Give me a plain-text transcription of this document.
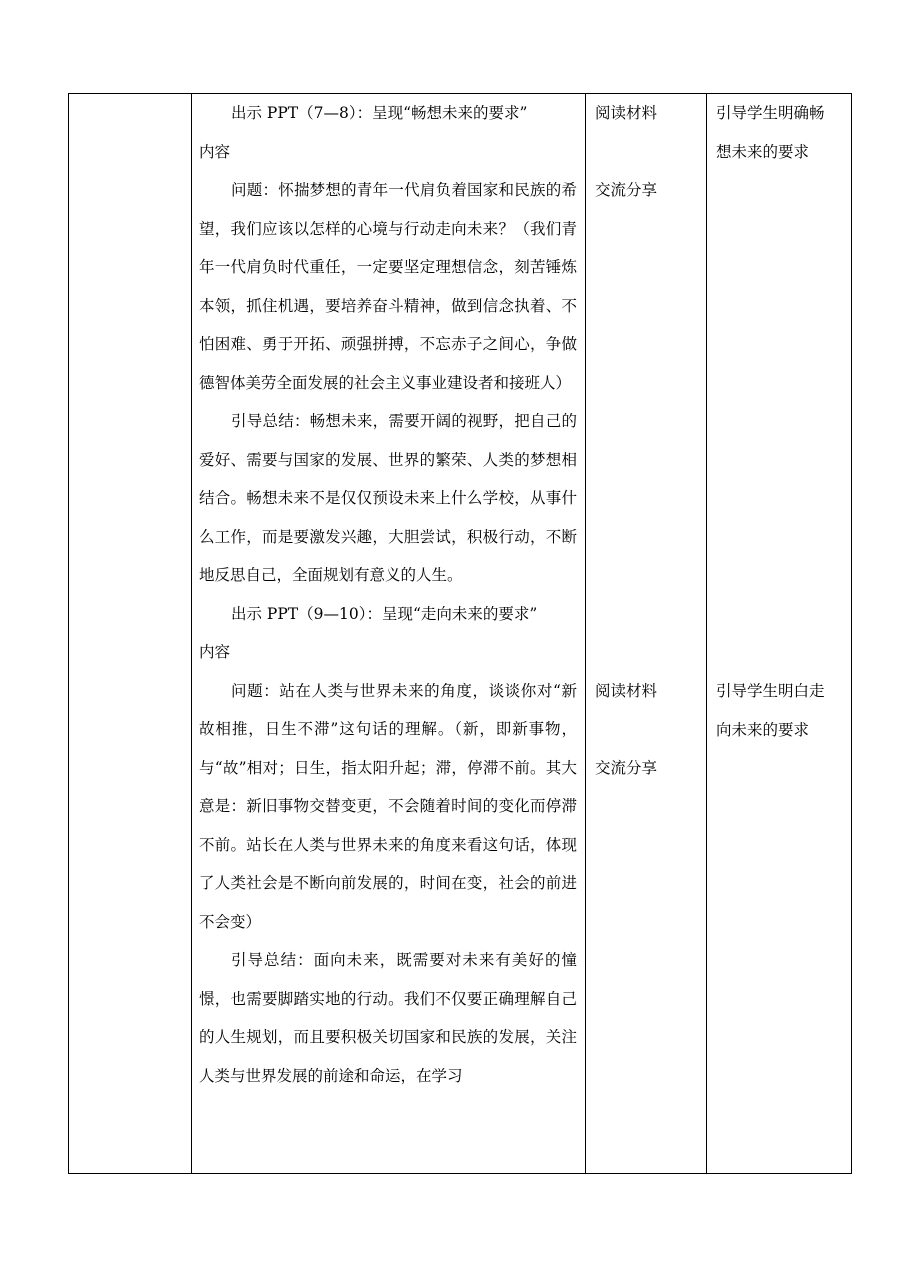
出示 PPT（7—8）：呈现“畅想未来的要求”

内容

问题：怀揣梦想的青年一代肩负着国家和民族的希望，我们应该以怎样的心境与行动走向未来？（我们青年一代肩负时代重任，一定要坚定理想信念，刻苦锤炼本领，抓住机遇，要培养奋斗精神，做到信念执着、不怕困难、勇于开拓、顽强拼搏，不忘赤子之间心，争做德智体美劳全面发展的社会主义事业建设者和接班人）

引导总结：畅想未来，需要开阔的视野，把自己的爱好、需要与国家的发展、世界的繁荣、人类的梦想相结合。畅想未来不是仅仅预设未来上什么学校，从事什么工作，而是要激发兴趣，大胆尝试，积极行动，不断地反思自己，全面规划有意义的人生。

出示 PPT（9—10）：呈现“走向未来的要求”

内容

问题：站在人类与世界未来的角度，谈谈你对“新故相推，日生不滞”这句话的理解。（新，即新事物，与“故”相对；日生，指太阳升起；滞，停滞不前。其大意是：新旧事物交替变更，不会随着时间的变化而停滞不前。站长在人类与世界未来的角度来看这句话，体现了人类社会是不断向前发展的，时间在变，社会的前进不会变）

引导总结：面向未来，既需要对未来有美好的憧憬，也需要脚踏实地的行动。我们不仅要正确理解自己的人生规划，而且要积极关切国家和民族的发展，关注人类与世界发展的前途和命运，在学习

阅读材料
交流分享
阅读材料
交流分享
引导学生明确畅
想未来的要求
引导学生明白走
向未来的要求
